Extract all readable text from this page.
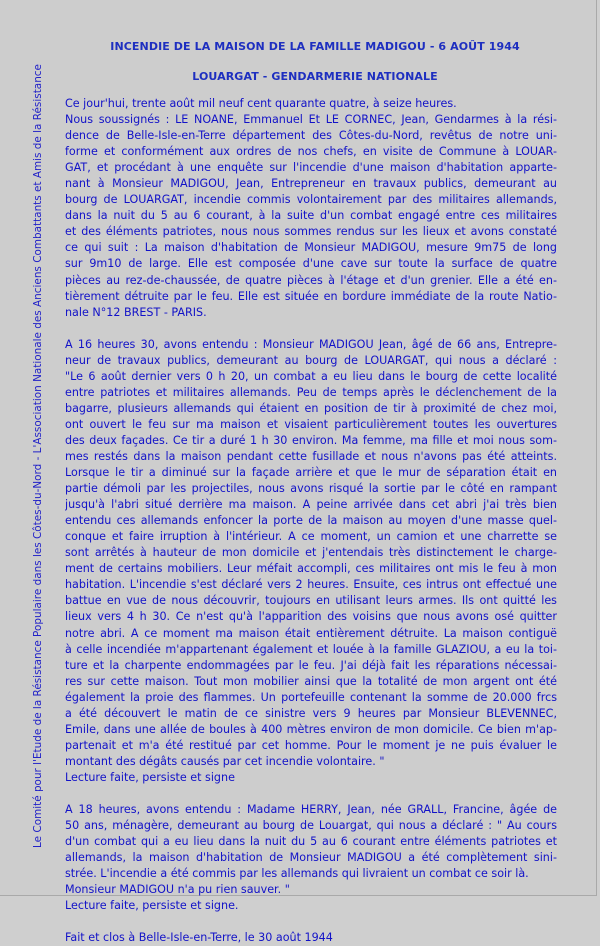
Le Comité pour l'Etude de la Résistance Populaire dans les Côtes-du-Nord - L'Association Nationale des Anciens Combattants et Amis de la Résistance
INCENDIE DE LA MAISON DE LA FAMILLE MADIGOU - 6 AOÛT 1944
LOUARGAT - GENDARMERIE NATIONALE

Ce jour'hui, trente août mil neuf cent quarante quatre, à seize heures.
Nous soussignés : LE NOANE, Emmanuel Et LE CORNEC, Jean, Gendarmes à la rési-
dence de Belle-Isle-en-Terre département des Côtes-du-Nord, revêtus de notre uni-
forme et conformément aux ordres de nos chefs, en visite de Commune à LOUAR-
GAT, et procédant à une enquête sur l'incendie d'une maison d'habitation apparte-
nant à Monsieur MADIGOU, Jean, Entrepreneur en travaux publics, demeurant au
bourg de LOUARGAT, incendie commis volontairement par des militaires allemands,
dans la nuit du 5 au 6 courant, à la suite d'un combat engagé entre ces militaires
et des éléments patriotes, nous nous sommes rendus sur les lieux et avons constaté
ce qui suit : La maison d'habitation de Monsieur MADIGOU, mesure 9m75 de long
sur 9m10 de large. Elle est composée d'une cave sur toute la surface de quatre
pièces au rez-de-chaussée, de quatre pièces à l'étage et d'un grenier. Elle a été en-
tièrement détruite par le feu. Elle est située en bordure immédiate de la route Natio-
nale N°12 BREST - PARIS.

A 16 heures 30, avons entendu : Monsieur MADIGOU Jean, âgé de 66 ans, Entrepre-
neur de travaux publics, demeurant au bourg de LOUARGAT, qui nous a déclaré :
"Le 6 août dernier vers 0 h 20, un combat a eu lieu dans le bourg de cette localité
entre patriotes et militaires allemands. Peu de temps après le déclenchement de la
bagarre, plusieurs allemands qui étaient en position de tir à proximité de chez moi,
ont ouvert le feu sur ma maison et visaient particulièrement toutes les ouvertures
des deux façades. Ce tir a duré 1 h 30 environ. Ma femme, ma fille et moi nous som-
mes restés dans la maison pendant cette fusillade et nous n'avons pas été atteints.
Lorsque le tir a diminué sur la façade arrière et que le mur de séparation était en
partie démoli par les projectiles, nous avons risqué la sortie par le côté en rampant
jusqu'à l'abri situé derrière ma maison. A peine arrivée dans cet abri j'ai très bien
entendu ces allemands enfoncer la porte de la maison au moyen d'une masse quel-
conque et faire irruption à l'intérieur. A ce moment, un camion et une charrette se
sont arrêtés à hauteur de mon domicile et j'entendais très distinctement le charge-
ment de certains mobiliers. Leur méfait accompli, ces militaires ont mis le feu à mon
habitation. L'incendie s'est déclaré vers 2 heures. Ensuite, ces intrus ont effectué une
battue en vue de nous découvrir, toujours en utilisant leurs armes. Ils ont quitté les
lieux vers 4 h 30. Ce n'est qu'à l'apparition des voisins que nous avons osé quitter
notre abri. A ce moment ma maison était entièrement détruite. La maison contiguë
à celle incendiée m'appartenant également et louée à la famille GLAZIOU, a eu la toi-
ture et la charpente endommagées par le feu. J'ai déjà fait les réparations nécessai-
res sur cette maison. Tout mon mobilier ainsi que la totalité de mon argent ont été
également la proie des flammes. Un portefeuille contenant la somme de 20.000 frcs
a été découvert le matin de ce sinistre vers 9 heures par Monsieur BLEVENNEC,
Emile, dans une allée de boules à 400 mètres environ de mon domicile. Ce bien m'ap-
partenait et m'a été restitué par cet homme. Pour le moment je ne puis évaluer le
montant des dégâts causés par cet incendie volontaire. "
Lecture faite, persiste et signe

A 18 heures, avons entendu : Madame HERRY, Jean, née GRALL, Francine, âgée de
50 ans, ménagère, demeurant au bourg de Louargat, qui nous a déclaré : " Au cours
d'un combat qui a eu lieu dans la nuit du 5 au 6 courant entre éléments patriotes et
allemands, la maison d'habitation de Monsieur MADIGOU a été complètement sini-
strée. L'incendie a été commis par les allemands qui livraient un combat ce soir là.
Monsieur MADIGOU n'a pu rien sauver. "
Lecture faite, persiste et signe.

Fait et clos à Belle-Isle-en-Terre, le 30 août 1944
